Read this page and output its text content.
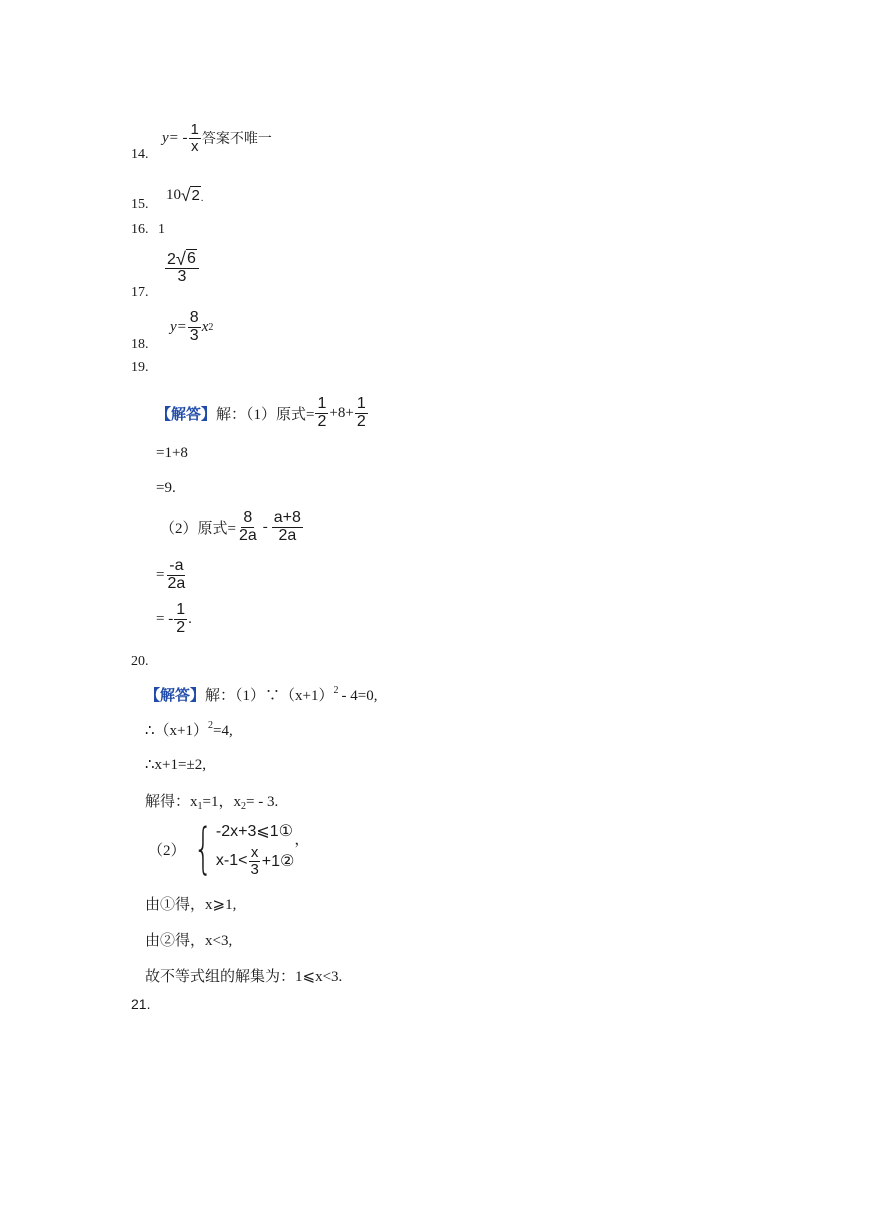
14.
$y= - \frac{1}{x}$ 答案不唯一
15.
10 √ 2 .
16. 1
17.
$\frac{2 √ 6}{3}$
18.
$y= \frac{8}{3}$ x 2
19.
【解答】 解：（1）原式= $\frac{1}{2} +8+ \frac{1}{2}$
=1+8
=9.
（2）原式= $\frac{8}{2a} - \frac{a+8}{2a}$
= $\frac{-a}{2a}$
= - $\frac{1}{2}$ .
20.
【解答】解：$(1)\because(x+1)^2 - 4=0$,
$\therefore(x+1)^2=4$,
∴x+1=±2,
解得：$x_1=1$，$x_2= - 3$.
（2） { -2x+3⩽1①
$x-1< \frac{x}{3}$ +1②
，
由①得，x⩾1,
由②得，x<3,
故不等式组的解集为：1⩽x<3.
21.
